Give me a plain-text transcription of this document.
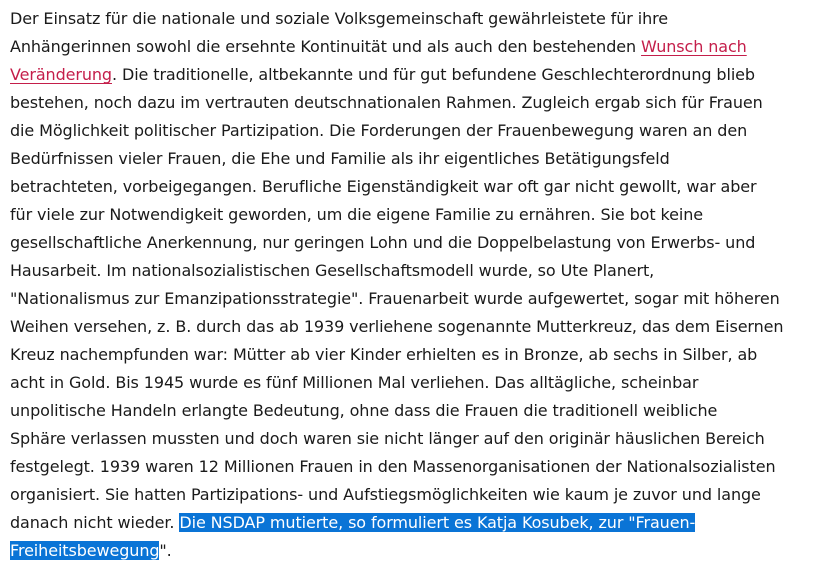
Der Einsatz für die nationale und soziale Volksgemeinschaft gewährleistete für ihre
Anhängerinnen sowohl die ersehnte Kontinuität und als auch den bestehenden Wunsch nach
Veränderung. Die traditionelle, altbekannte und für gut befundene Geschlechterordnung blieb
bestehen, noch dazu im vertrauten deutschnationalen Rahmen. Zugleich ergab sich für Frauen
die Möglichkeit politischer Partizipation. Die Forderungen der Frauenbewegung waren an den
Bedürfnissen vieler Frauen, die Ehe und Familie als ihr eigentliches Betätigungsfeld
betrachteten, vorbeigegangen. Berufliche Eigenständigkeit war oft gar nicht gewollt, war aber
für viele zur Notwendigkeit geworden, um die eigene Familie zu ernähren. Sie bot keine
gesellschaftliche Anerkennung, nur geringen Lohn und die Doppelbelastung von Erwerbs- und
Hausarbeit. Im nationalsozialistischen Gesellschaftsmodell wurde, so Ute Planert,
"Nationalismus zur Emanzipationsstrategie". Frauenarbeit wurde aufgewertet, sogar mit höheren
Weihen versehen, z. B. durch das ab 1939 verliehene sogenannte Mutterkreuz, das dem Eisernen
Kreuz nachempfunden war: Mütter ab vier Kinder erhielten es in Bronze, ab sechs in Silber, ab
acht in Gold. Bis 1945 wurde es fünf Millionen Mal verliehen. Das alltägliche, scheinbar
unpolitische Handeln erlangte Bedeutung, ohne dass die Frauen die traditionell weibliche
Sphäre verlassen mussten und doch waren sie nicht länger auf den originär häuslichen Bereich
festgelegt. 1939 waren 12 Millionen Frauen in den Massenorganisationen der Nationalsozialisten
organisiert. Sie hatten Partizipations- und Aufstiegsmöglichkeiten wie kaum je zuvor und lange
danach nicht wieder. Die NSDAP mutierte, so formuliert es Katja Kosubek, zur "Frauen-
Freiheitsbewegung".
